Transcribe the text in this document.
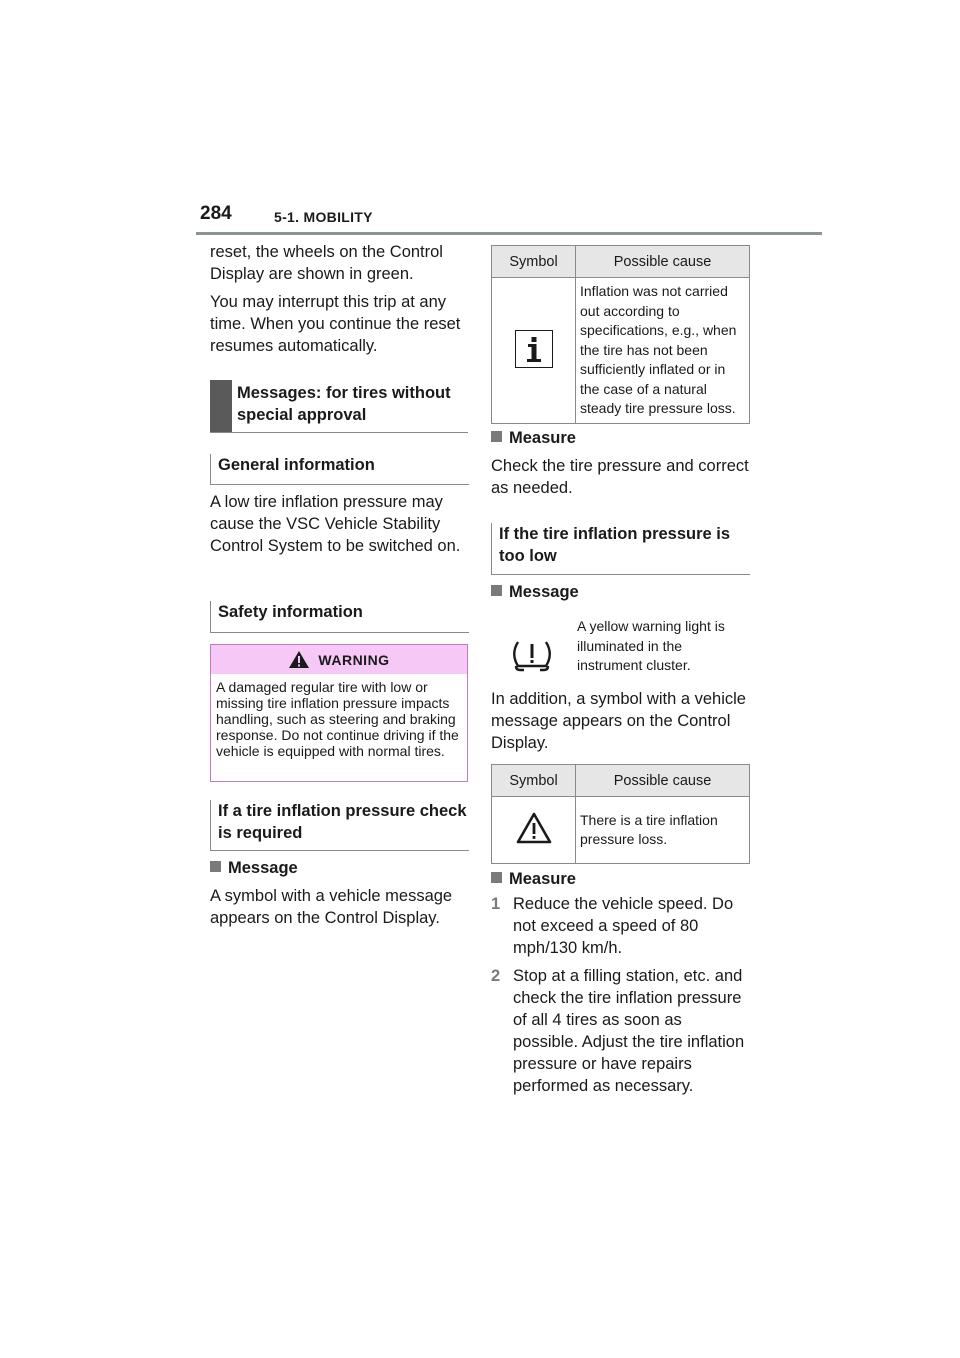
284	5-1. MOBILITY
reset, the wheels on the Control Display are shown in green.
You may interrupt this trip at any time. When you continue the reset resumes automatically.
Messages: for tires without special approval
General information
A low tire inflation pressure may cause the VSC Vehicle Stability Control System to be switched on.
Safety information
WARNING
A damaged regular tire with low or missing tire inflation pressure impacts handling, such as steering and braking response. Do not continue driving if the vehicle is equipped with normal tires.
If a tire inflation pressure check is required
Message
A symbol with a vehicle message appears on the Control Display.
Symbol	Possible cause
	Inflation was not carried out according to specifications, e.g., when the tire has not been sufficiently inflated or in the case of a natural steady tire pressure loss.
Measure
Check the tire pressure and correct as needed.
If the tire inflation pressure is too low
Message
A yellow warning light is illuminated in the instrument cluster.
In addition, a symbol with a vehicle message appears on the Control Display.
Symbol	Possible cause
	There is a tire inflation pressure loss.
Measure
1 Reduce the vehicle speed. Do not exceed a speed of 80 mph/130 km/h.
2 Stop at a filling station, etc. and check the tire inflation pressure of all 4 tires as soon as possible. Adjust the tire inflation pressure or have repairs performed as necessary.
